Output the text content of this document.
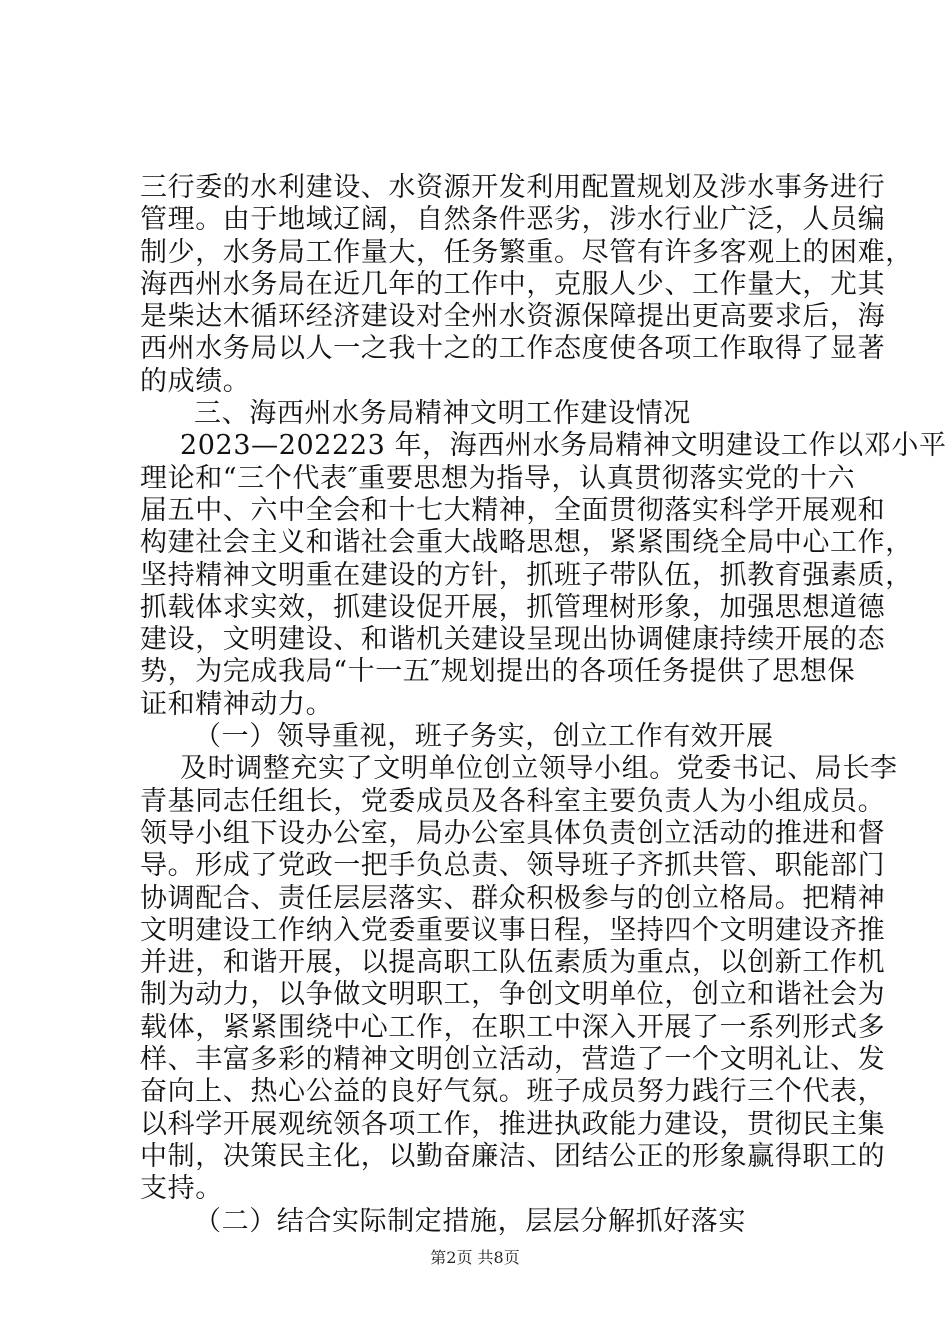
三行委的水利建设、水资源开发利用配置规划及涉水事务进行
管理。由于地域辽阔，自然条件恶劣，涉水行业广泛，人员编
制少，水务局工作量大，任务繁重。尽管有许多客观上的困难，
海西州水务局在近几年的工作中，克服人少、工作量大，尤其
是柴达木循环经济建设对全州水资源保障提出更高要求后，海
西州水务局以人一之我十之的工作态度使各项工作取得了显著
的成绩。
三、海西州水务局精神文明工作建设情况
2023—202223 年，海西州水务局精神文明建设工作以邓小平
理论和“三个代表″重要思想为指导，认真贯彻落实党的十六
届五中、六中全会和十七大精神，全面贯彻落实科学开展观和
构建社会主义和谐社会重大战略思想，紧紧围绕全局中心工作，
坚持精神文明重在建设的方针，抓班子带队伍，抓教育强素质，
抓载体求实效，抓建设促开展，抓管理树形象，加强思想道德
建设，文明建设、和谐机关建设呈现出协调健康持续开展的态
势，为完成我局“十一五″规划提出的各项任务提供了思想保
证和精神动力。
（一）领导重视，班子务实，创立工作有效开展
及时调整充实了文明单位创立领导小组。党委书记、局长李
青基同志任组长，党委成员及各科室主要负责人为小组成员。
领导小组下设办公室，局办公室具体负责创立活动的推进和督
导。形成了党政一把手负总责、领导班子齐抓共管、职能部门
协调配合、责任层层落实、群众积极参与的创立格局。把精神
文明建设工作纳入党委重要议事日程，坚持四个文明建设齐推
并进，和谐开展，以提高职工队伍素质为重点，以创新工作机
制为动力，以争做文明职工，争创文明单位，创立和谐社会为
载体，紧紧围绕中心工作，在职工中深入开展了一系列形式多
样、丰富多彩的精神文明创立活动，营造了一个文明礼让、发
奋向上、热心公益的良好气氛。班子成员努力践行三个代表，
以科学开展观统领各项工作，推进执政能力建设，贯彻民主集
中制，决策民主化，以勤奋廉洁、团结公正的形象赢得职工的
支持。
（二）结合实际制定措施，层层分解抓好落实
第2页 共8页
